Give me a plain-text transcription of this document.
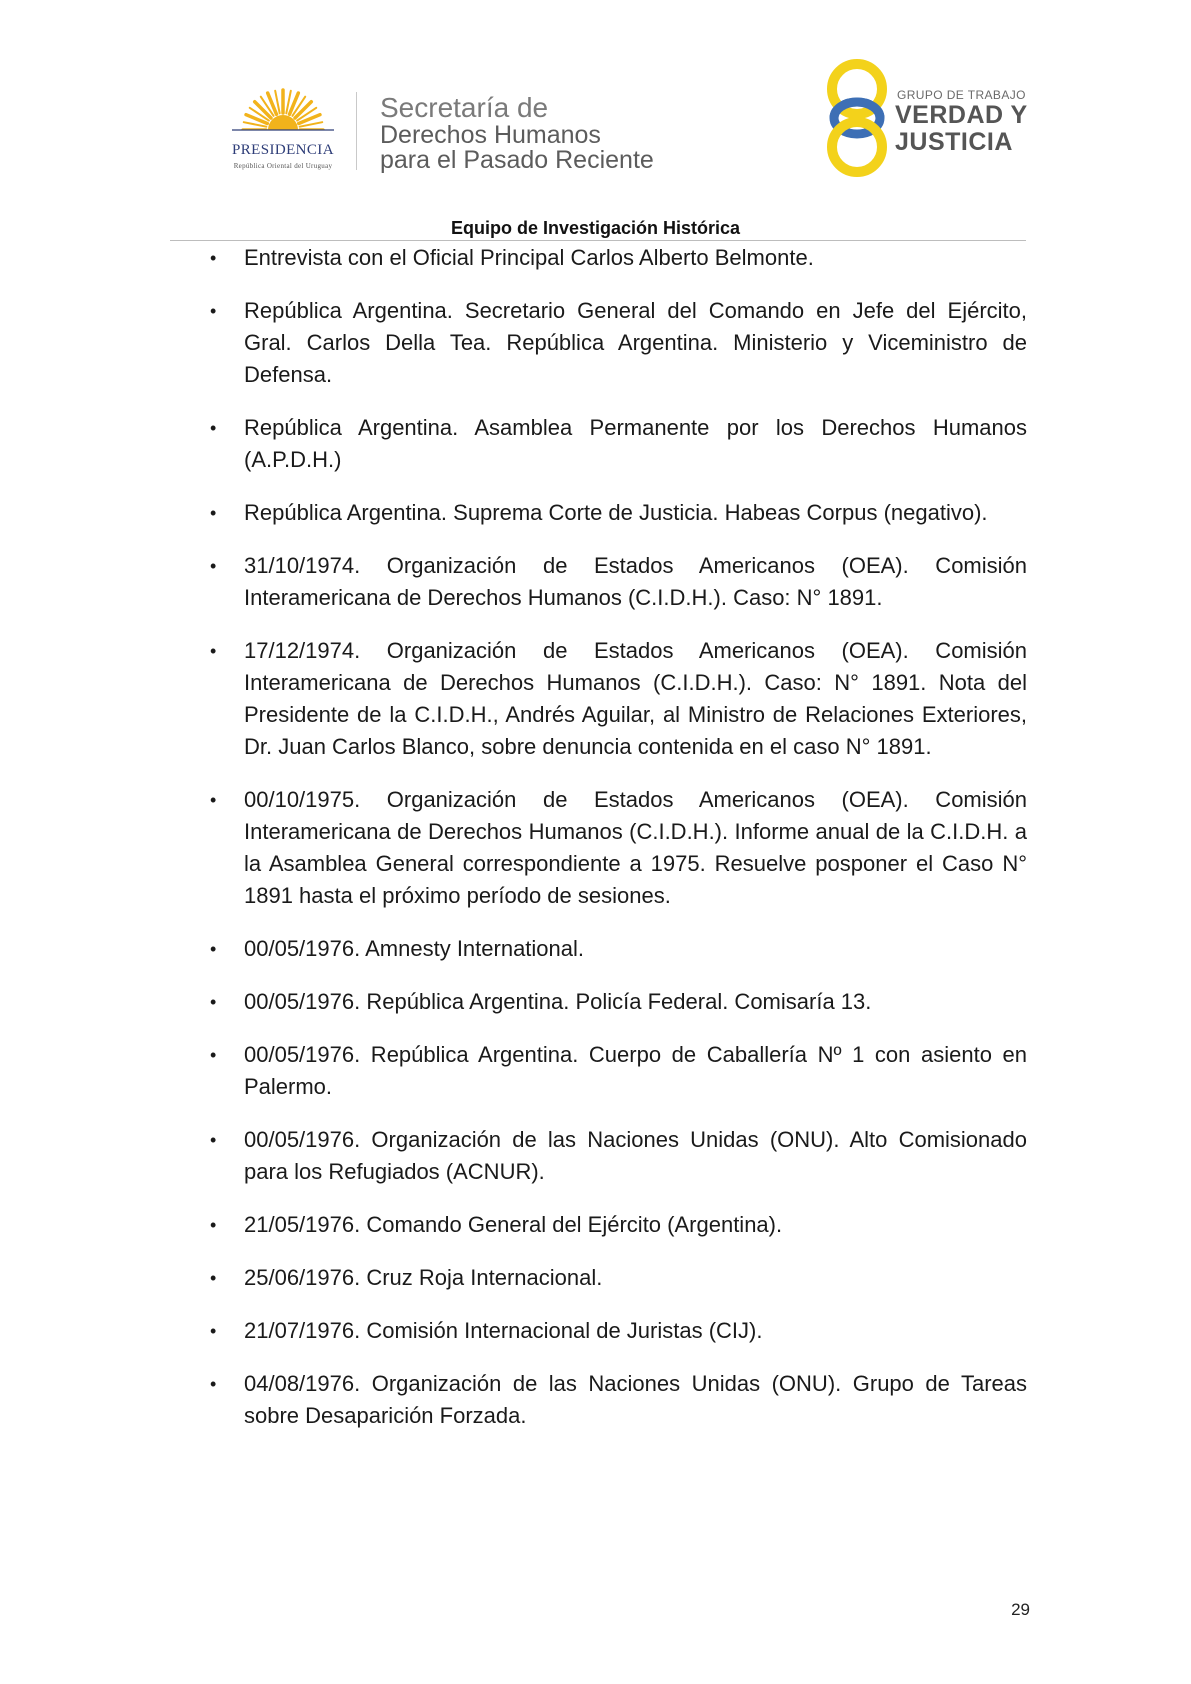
PRESIDENCIA
República Oriental del Uruguay
Secretaría de
Derechos Humanos
para el Pasado Reciente
GRUPO DE TRABAJO
VERDAD Y
JUSTICIA
Equipo de Investigación Histórica
• Entrevista con el Oficial Principal Carlos Alberto Belmonte.
• República Argentina. Secretario General del Comando en Jefe del Ejército, Gral. Carlos Della Tea. República Argentina. Ministerio y Viceministro de Defensa.
• República Argentina. Asamblea Permanente por los Derechos Humanos (A.P.D.H.)
• República Argentina. Suprema Corte de Justicia. Habeas Corpus (negativo).
• 31/10/1974. Organización de Estados Americanos (OEA). Comisión Interamericana de Derechos Humanos (C.I.D.H.). Caso: N° 1891.
• 17/12/1974. Organización de Estados Americanos (OEA). Comisión Interamericana de Derechos Humanos (C.I.D.H.). Caso: N° 1891. Nota del Presidente de la C.I.D.H., Andrés Aguilar, al Ministro de Relaciones Exteriores, Dr. Juan Carlos Blanco, sobre denuncia contenida en el caso N° 1891.
• 00/10/1975. Organización de Estados Americanos (OEA). Comisión Interamericana de Derechos Humanos (C.I.D.H.). Informe anual de la C.I.D.H. a la Asamblea General correspondiente a 1975. Resuelve posponer el Caso N° 1891 hasta el próximo período de sesiones.
• 00/05/1976. Amnesty International.
• 00/05/1976. República Argentina. Policía Federal. Comisaría 13.
• 00/05/1976. República Argentina. Cuerpo de Caballería Nº 1 con asiento en Palermo.
• 00/05/1976. Organización de las Naciones Unidas (ONU). Alto Comisionado para los Refugiados (ACNUR).
• 21/05/1976. Comando General del Ejército (Argentina).
• 25/06/1976. Cruz Roja Internacional.
• 21/07/1976. Comisión Internacional de Juristas (CIJ).
• 04/08/1976. Organización de las Naciones Unidas (ONU). Grupo de Tareas sobre Desaparición Forzada.
29
